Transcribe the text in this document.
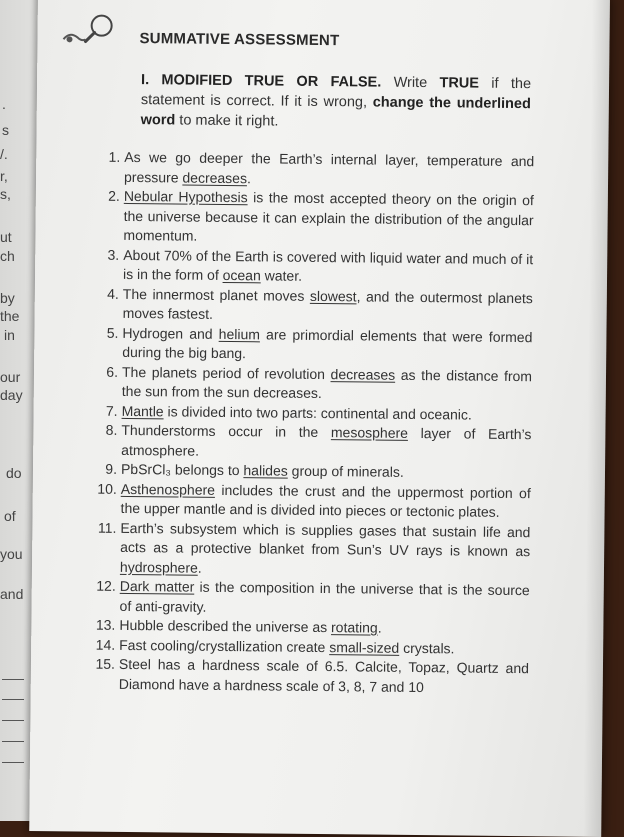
.
s
/.
r,
s,
ut
ch
by
the
in
our
day
do
of
you
and
SUMMATIVE ASSESSMENT
I. MODIFIED TRUE OR FALSE. Write TRUE if the statement is correct. If it is wrong, change the underlined word to make it right.
1. As we go deeper the Earth’s internal layer, temperature and pressure decreases.
2. Nebular Hypothesis is the most accepted theory on the origin of the universe because it can explain the distribution of the angular momentum.
3. About 70% of the Earth is covered with liquid water and much of it is in the form of ocean water.
4. The innermost planet moves slowest, and the outermost planets moves fastest.
5. Hydrogen and helium are primordial elements that were formed during the big bang.
6. The planets period of revolution decreases as the distance from the sun from the sun decreases.
7. Mantle is divided into two parts: continental and oceanic.
8. Thunderstorms occur in the mesosphere layer of Earth’s atmosphere.
9. PbSrCl₃ belongs to halides group of minerals.
10. Asthenosphere includes the crust and the uppermost portion of the upper mantle and is divided into pieces or tectonic plates.
11. Earth’s subsystem which is supplies gases that sustain life and acts as a protective blanket from Sun’s UV rays is known as hydrosphere.
12. Dark matter is the composition in the universe that is the source of anti-gravity.
13. Hubble described the universe as rotating.
14. Fast cooling/crystallization create small-sized crystals.
15. Steel has a hardness scale of 6.5. Calcite, Topaz, Quartz and Diamond have a hardness scale of 3, 8, 7 and 10
